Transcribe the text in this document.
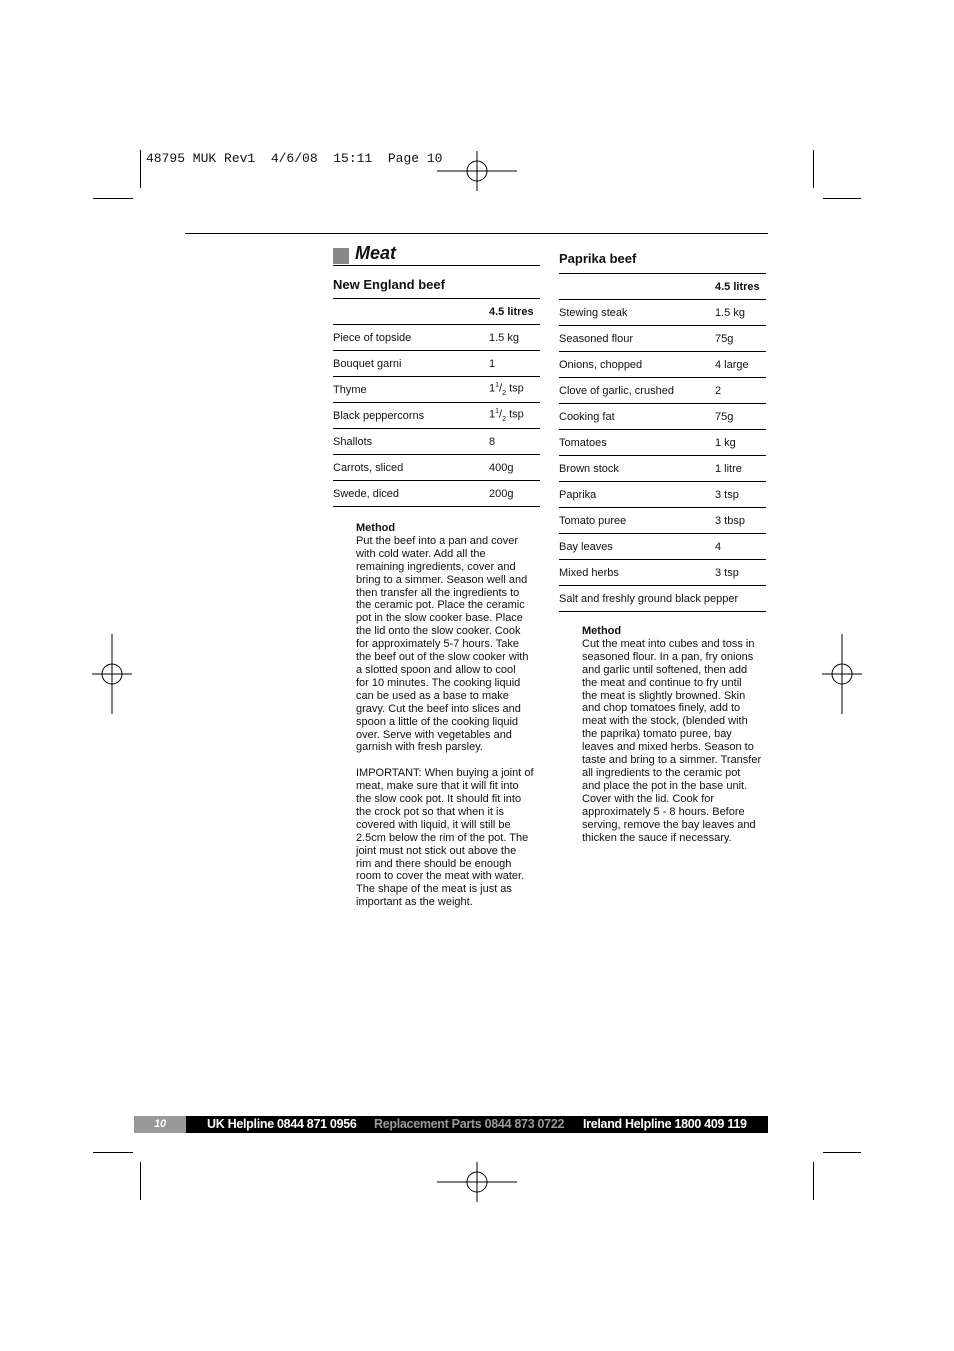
48795 MUK Rev1  4/6/08  15:11  Page 10
Meat
New England beef
	4.5 litres
Piece of topside	1.5 kg
Bouquet garni	1
Thyme	$1^1/_2$ tsp
Black peppercorns	$1^1/_2$ tsp
Shallots	8
Carrots, sliced	400g
Swede, diced	200g
Method

Put the beef into a pan and cover
with cold water. Add all the
remaining ingredients, cover and
bring to a simmer. Season well and
then transfer all the ingredients to
the ceramic pot. Place the ceramic
pot in the slow cooker base. Place
the lid onto the slow cooker. Cook
for approximately 5-7 hours. Take
the beef out of the slow cooker with
a slotted spoon and allow to cool
for 10 minutes. The cooking liquid
can be used as a base to make
gravy. Cut the beef into slices and
spoon a little of the cooking liquid
over. Serve with vegetables and
garnish with fresh parsley.

IMPORTANT: When buying a joint of
meat, make sure that it will fit into
the slow cook pot. It should fit into
the crock pot so that when it is
covered with liquid, it will still be
2.5cm below the rim of the pot. The
joint must not stick out above the
rim and there should be enough
room to cover the meat with water.
The shape of the meat is just as
important as the weight.

Paprika beef
	4.5 litres
Stewing steak	1.5 kg
Seasoned flour	75g
Onions, chopped	4 large
Clove of garlic, crushed	2
Cooking fat	75g
Tomatoes	1 kg
Brown stock	1 litre
Paprika	3 tsp
Tomato puree	3 tbsp
Bay leaves	4
Mixed herbs	3 tsp
Salt and freshly ground black pepper	
Method

Cut the meat into cubes and toss in
seasoned flour. In a pan, fry onions
and garlic until softened, then add
the meat and continue to fry until
the meat is slightly browned. Skin
and chop tomatoes finely, add to
meat with the stock, (blended with
the paprika) tomato puree, bay
leaves and mixed herbs. Season to
taste and bring to a simmer. Transfer
all ingredients to the ceramic pot
and place the pot in the base unit.
Cover with the lid. Cook for
approximately 5 - 8 hours. Before
serving, remove the bay leaves and
thicken the sauce if necessary.

10	UK Helpline 0844 871 0956 Replacement Parts 0844 873 0722 Ireland Helpline 1800 409 119
